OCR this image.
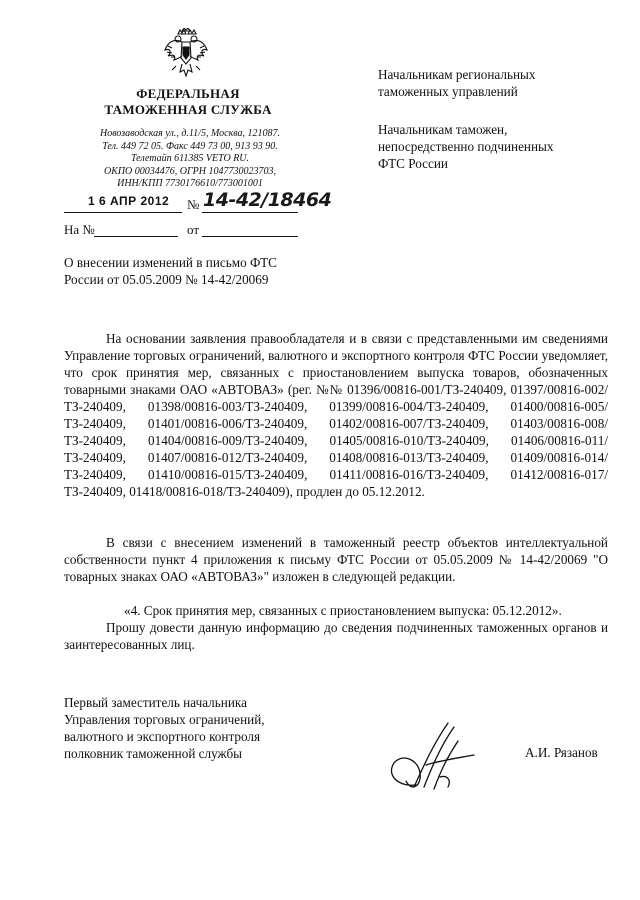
ФЕДЕРАЛЬНАЯ
ТАМОЖЕННАЯ СЛУЖБА
Новозаводская ул., д.11/5, Москва, 121087.
Тел. 449 72 05. Факс 449 73 00, 913 93 90.
Телетайп 611385 VETO RU.
ОКПО 00034476, ОГРН 1047730023703,
ИНН/КПП 7730176610/773001001
1 6 АПР 2012 № 14-42/18464
На №	от
Начальникам региональных
таможенных управлений
Начальникам таможен,
непосредственно подчиненных
ФТС России
О внесении изменений в письмо ФТС России от 05.05.2009 № 14-42/20069
На основании заявления правообладателя и в связи с представленными им сведениями Управление торговых ограничений, валютного и экспортного контроля ФТС России уведомляет, что срок принятия мер, связанных с приостановлением выпуска товаров, обозначенных товарными знаками ОАО «АВТОВАЗ» (рег. №№ 01396/00816-001/ТЗ-240409, 01397/00816-002/ТЗ-240409, 01398/00816-003/ТЗ-240409, 01399/00816-004/ТЗ-240409, 01400/00816-005/ТЗ-240409, 01401/00816-006/ТЗ-240409, 01402/00816-007/ТЗ-240409, 01403/00816-008/ТЗ-240409, 01404/00816-009/ТЗ-240409, 01405/00816-010/ТЗ-240409, 01406/00816-011/ТЗ-240409, 01407/00816-012/ТЗ-240409, 01408/00816-013/ТЗ-240409, 01409/00816-014/ТЗ-240409, 01410/00816-015/ТЗ-240409, 01411/00816-016/ТЗ-240409, 01412/00816-017/ТЗ-240409, 01418/00816-018/ТЗ-240409), продлен до 05.12.2012.
В связи с внесением изменений в таможенный реестр объектов интеллектуальной собственности пункт 4 приложения к письму ФТС России от 05.05.2009 № 14-42/20069 "О товарных знаках ОАО «АВТОВАЗ»" изложен в следующей редакции.
«4. Срок принятия мер, связанных с приостановлением выпуска: 05.12.2012».
Прошу довести данную информацию до сведения подчиненных таможенных органов и заинтересованных лиц.
Первый заместитель начальника
Управления торговых ограничений,
валютного и экспортного контроля
полковник таможенной службы	А.И. Рязанов
